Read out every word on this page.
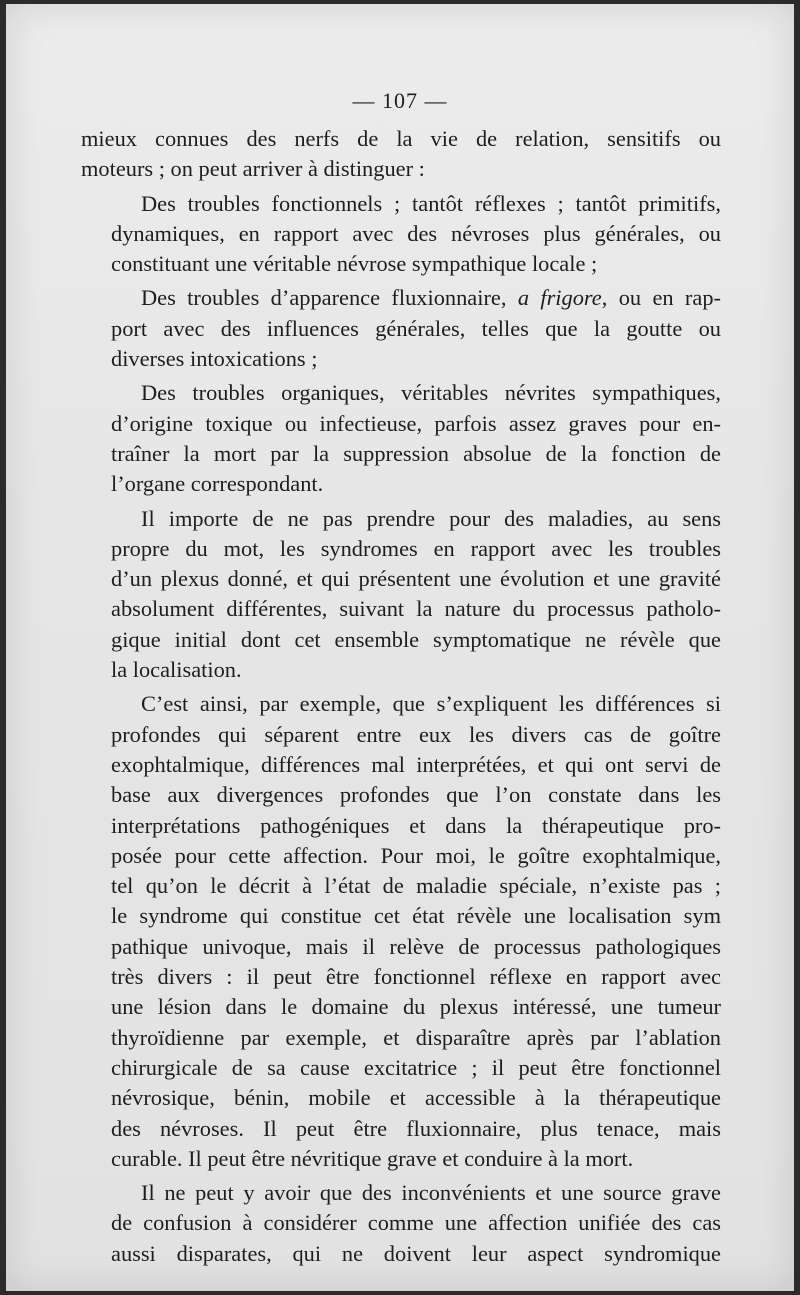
— 107 —
mieux connues des nerfs de la vie de relation, sensitifs ou
moteurs ; on peut arriver à distinguer :
Des troubles fonctionnels ; tantôt réflexes ; tantôt primitifs,
dynamiques, en rapport avec des névroses plus générales, ou
constituant une véritable névrose sympathique locale ;
Des troubles d’apparence fluxionnaire, a frigore, ou en rap-
port avec des influences générales, telles que la goutte ou
diverses intoxications ;
Des troubles organiques, véritables névrites sympathiques,
d’origine toxique ou infectieuse, parfois assez graves pour en-
traîner la mort par la suppression absolue de la fonction de
l’organe correspondant.
Il importe de ne pas prendre pour des maladies, au sens
propre du mot, les syndromes en rapport avec les troubles
d’un plexus donné, et qui présentent une évolution et une gravité
absolument différentes, suivant la nature du processus patholo-
gique initial dont cet ensemble symptomatique ne révèle que
la localisation.
C’est ainsi, par exemple, que s’expliquent les différences si
profondes qui séparent entre eux les divers cas de goître
exophtalmique, différences mal interprétées, et qui ont servi de
base aux divergences profondes que l’on constate dans les
interprétations pathogéniques et dans la thérapeutique pro-
posée pour cette affection. Pour moi, le goître exophtalmique,
tel qu’on le décrit à l’état de maladie spéciale, n’existe pas ;
le syndrome qui constitue cet état révèle une localisation sym
pathique univoque, mais il relève de processus pathologiques
très divers : il peut être fonctionnel réflexe en rapport avec
une lésion dans le domaine du plexus intéressé, une tumeur
thyroïdienne par exemple, et disparaître après par l’ablation
chirurgicale de sa cause excitatrice ; il peut être fonctionnel
névrosique, bénin, mobile et accessible à la thérapeutique
des névroses. Il peut être fluxionnaire, plus tenace, mais
curable. Il peut être névritique grave et conduire à la mort.
Il ne peut y avoir que des inconvénients et une source grave
de confusion à considérer comme une affection unifiée des cas
aussi disparates, qui ne doivent leur aspect syndromique
